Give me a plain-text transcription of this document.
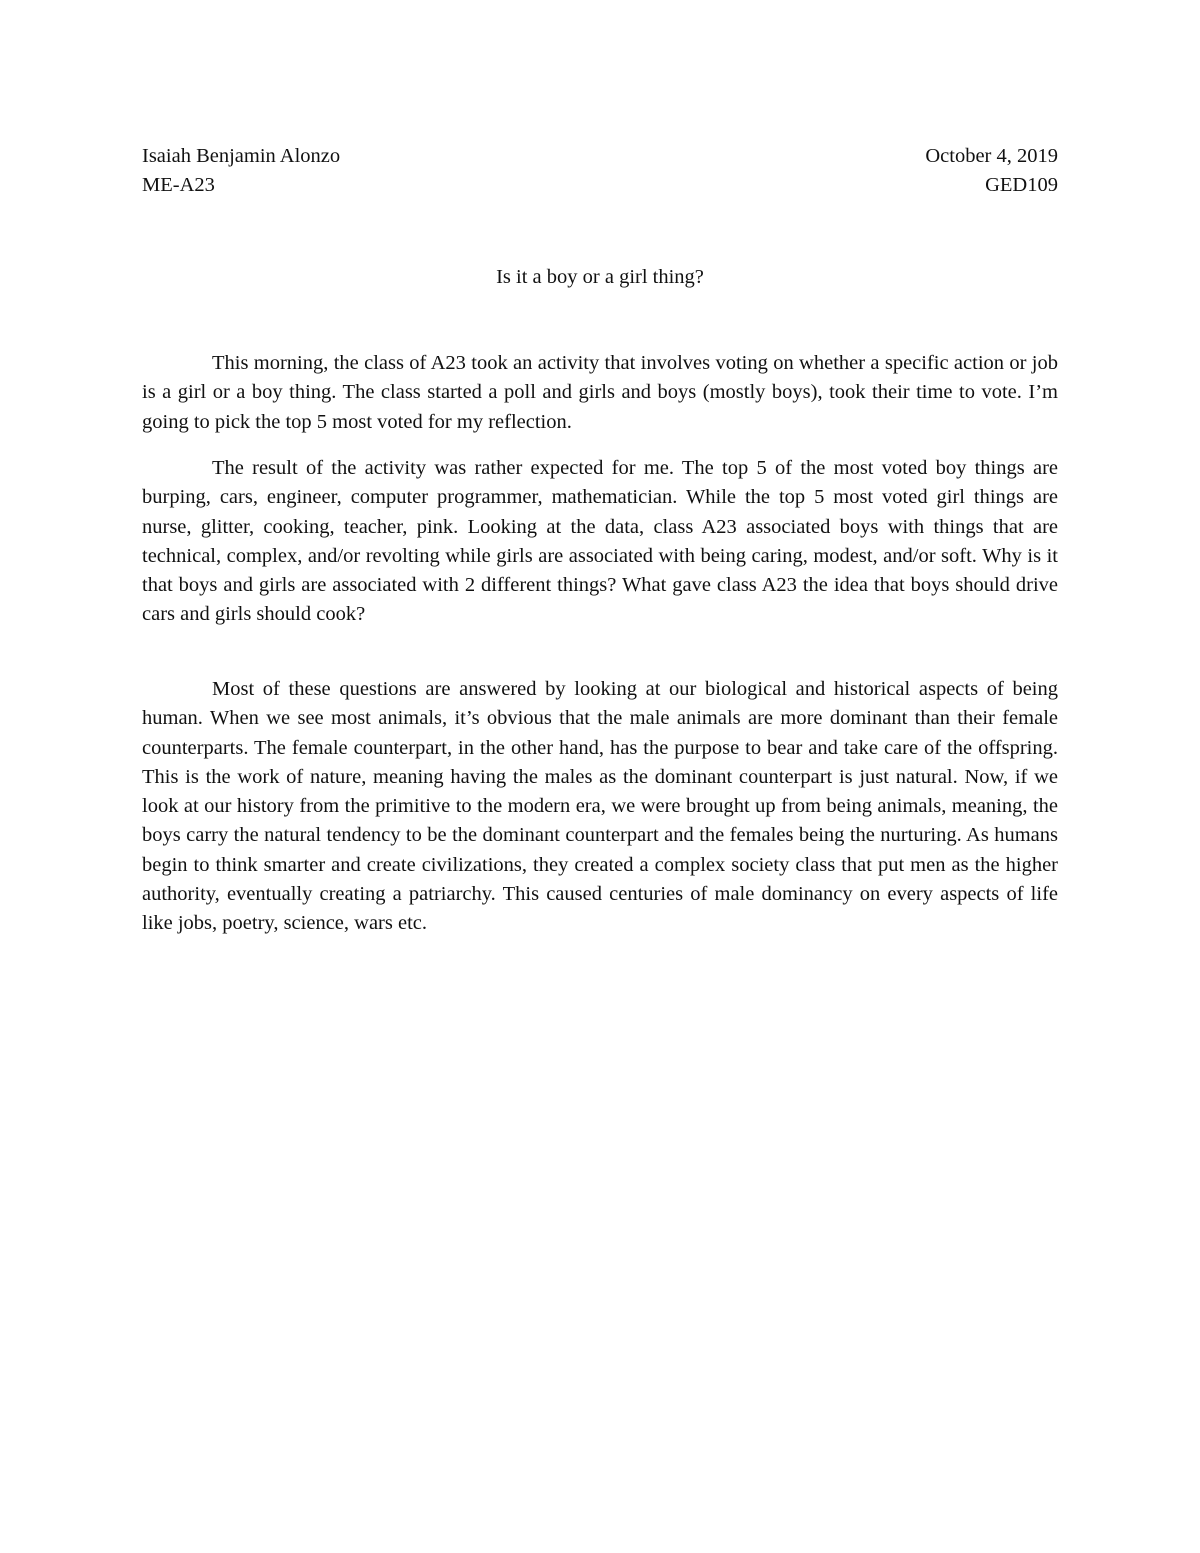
Isaiah Benjamin Alonzo	October 4, 2019
ME-A23	GED109
Is it a boy or a girl thing?

This morning, the class of A23 took an activity that involves voting on whether a specific action or job is a girl or a boy thing. The class started a poll and girls and boys (mostly boys), took their time to vote. I’m going to pick the top 5 most voted for my reflection.

The result of the activity was rather expected for me. The top 5 of the most voted boy things are burping, cars, engineer, computer programmer, mathematician. While the top 5 most voted girl things are nurse, glitter, cooking, teacher, pink. Looking at the data, class A23 associated boys with things that are technical, complex, and/or revolting while girls are associated with being caring, modest, and/or soft. Why is it that boys and girls are associated with 2 different things? What gave class A23 the idea that boys should drive cars and girls should cook?

Most of these questions are answered by looking at our biological and historical aspects of being human. When we see most animals, it’s obvious that the male animals are more dominant than their female counterparts. The female counterpart, in the other hand, has the purpose to bear and take care of the offspring. This is the work of nature, meaning having the males as the dominant counterpart is just natural. Now, if we look at our history from the primitive to the modern era, we were brought up from being animals, meaning, the boys carry the natural tendency to be the dominant counterpart and the females being the nurturing. As humans begin to think smarter and create civilizations, they created a complex society class that put men as the higher authority, eventually creating a patriarchy. This caused centuries of male dominancy on every aspects of life like jobs, poetry, science, wars etc.
